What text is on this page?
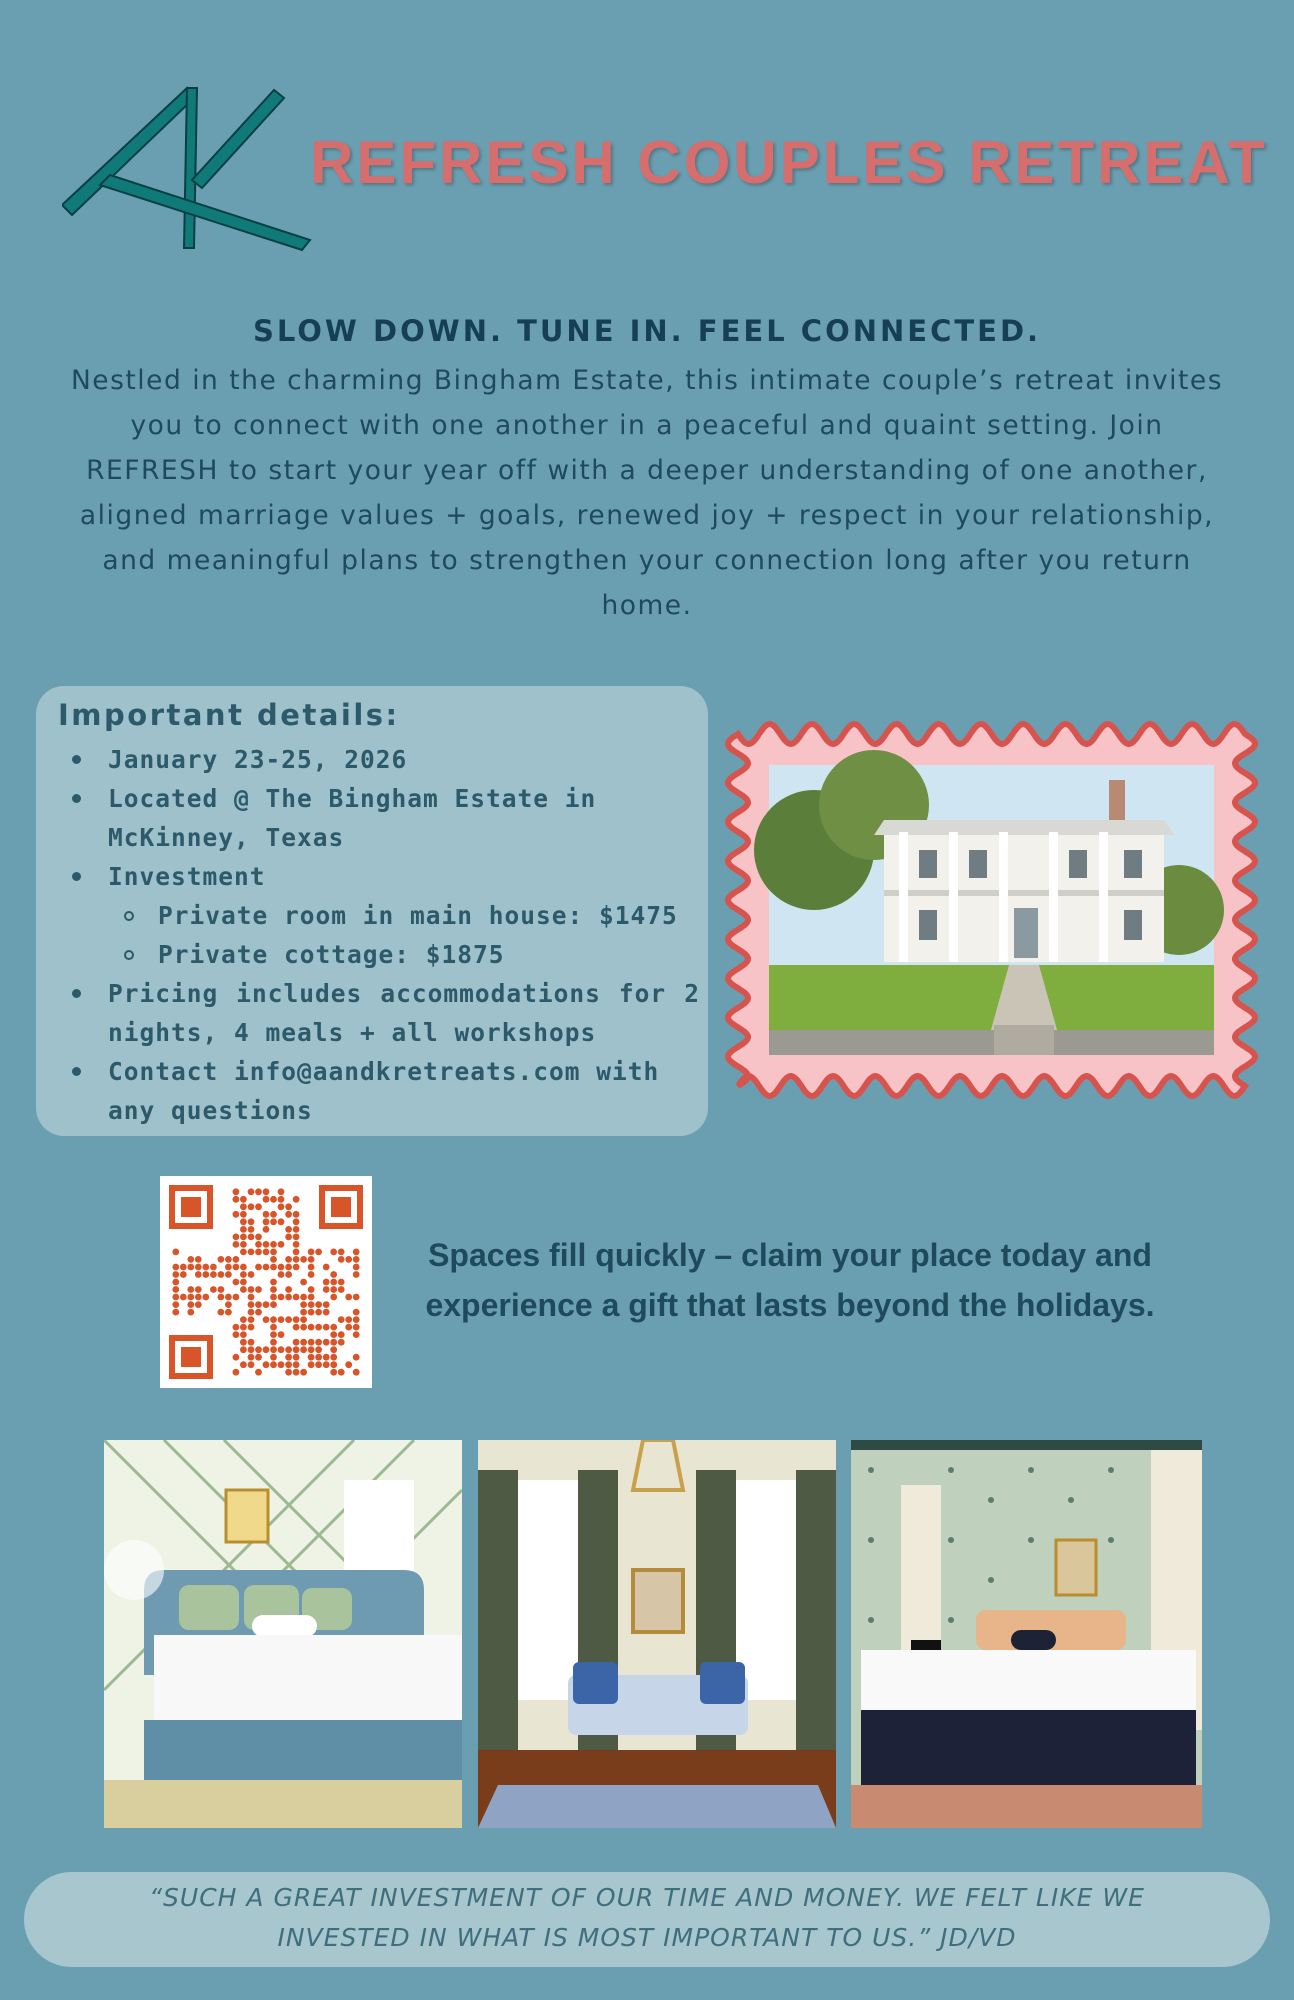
REFRESH COUPLES RETREAT
SLOW DOWN. TUNE IN. FEEL CONNECTED.
Nestled in the charming Bingham Estate, this intimate couple’s retreat invites you to connect with one another in a peaceful and quaint setting. Join REFRESH to start your year off with a deeper understanding of one another, aligned marriage values + goals, renewed joy + respect in your relationship, and meaningful plans to strengthen your connection long after you return home.
Important details:
January 23-25, 2026
Located @ The Bingham Estate in McKinney, Texas
Investment
Private room in main house: $1475
Private cottage: $1875
Pricing includes accommodations for 2 nights, 4 meals + all workshops
Contact info@aandkretreats.com with any questions
Spaces fill quickly – claim your place today and
experience a gift that lasts beyond the holidays.
“SUCH A GREAT INVESTMENT OF OUR TIME AND MONEY. WE FELT LIKE WE
INVESTED IN WHAT IS MOST IMPORTANT TO US.” JD/VD
